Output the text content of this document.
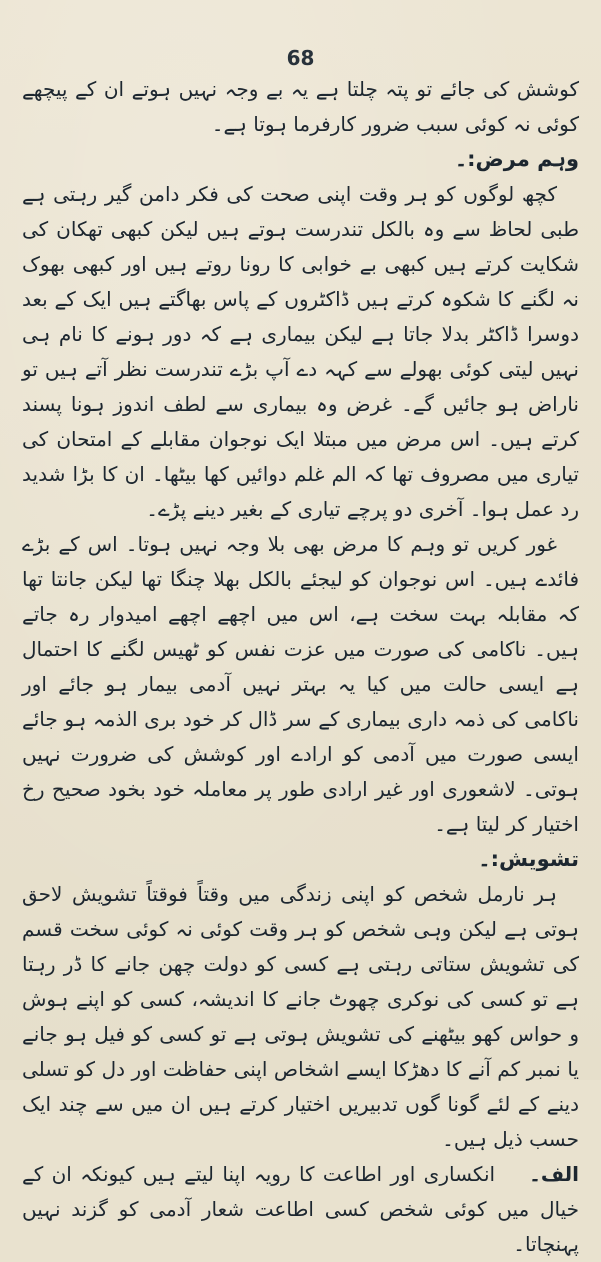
68

کوشش کی جائے تو پتہ چلتا ہے یہ بے وجہ نہیں ہوتے ان کے پیچھے کوئی نہ کوئی سبب ضرور کارفرما ہوتا ہے۔

وہم مرض:۔

کچھ لوگوں کو ہر وقت اپنی صحت کی فکر دامن گیر رہتی ہے طبی لحاظ سے وہ بالکل تندرست ہوتے ہیں لیکن کبھی تھکان کی شکایت کرتے ہیں کبھی بے خوابی کا رونا روتے ہیں اور کبھی بھوک نہ لگنے کا شکوہ کرتے ہیں ڈاکٹروں کے پاس بھاگتے ہیں ایک کے بعد دوسرا ڈاکٹر بدلا جاتا ہے لیکن بیماری ہے کہ دور ہونے کا نام ہی نہیں لیتی کوئی بھولے سے کہہ دے آپ بڑے تندرست نظر آتے ہیں تو ناراض ہو جائیں گے۔ غرض وہ بیماری سے لطف اندوز ہونا پسند کرتے ہیں۔ اس مرض میں مبتلا ایک نوجوان مقابلے کے امتحان کی تیاری میں مصروف تھا کہ الم غلم دوائیں کھا بیٹھا۔ ان کا بڑا شدید رد عمل ہوا۔ آخری دو پرچے تیاری کے بغیر دینے پڑے۔

غور کریں تو وہم کا مرض بھی بلا وجہ نہیں ہوتا۔ اس کے بڑے فائدے ہیں۔ اس نوجوان کو لیجئے بالکل بھلا چنگا تھا لیکن جانتا تھا کہ مقابلہ بہت سخت ہے، اس میں اچھے اچھے امیدوار رہ جاتے ہیں۔ ناکامی کی صورت میں عزت نفس کو ٹھیس لگنے کا احتمال ہے ایسی حالت میں کیا یہ بہتر نہیں آدمی بیمار ہو جائے اور ناکامی کی ذمہ داری بیماری کے سر ڈال کر خود بری الذمہ ہو جائے ایسی صورت میں آدمی کو ارادے اور کوشش کی ضرورت نہیں ہوتی۔ لاشعوری اور غیر ارادی طور پر معاملہ خود بخود صحیح رخ اختیار کر لیتا ہے۔

تشویش:۔

ہر نارمل شخص کو اپنی زندگی میں وقتاً فوقتاً تشویش لاحق ہوتی ہے لیکن وہی شخص کو ہر وقت کوئی نہ کوئی سخت قسم کی تشویش ستاتی رہتی ہے کسی کو دولت چھن جانے کا ڈر رہتا ہے تو کسی کی نوکری چھوٹ جانے کا اندیشہ، کسی کو اپنے ہوش و حواس کھو بیٹھنے کی تشویش ہوتی ہے تو کسی کو فیل ہو جانے یا نمبر کم آنے کا دھڑکا ایسے اشخاص اپنی حفاظت اور دل کو تسلی دینے کے لئے گونا گوں تدبیریں اختیار کرتے ہیں ان میں سے چند ایک حسب ذیل ہیں۔

الف۔انکساری اور اطاعت کا رویہ اپنا لیتے ہیں کیونکہ ان کے خیال میں کوئی شخص کسی اطاعت شعار آدمی کو گزند نہیں پہنچاتا۔
